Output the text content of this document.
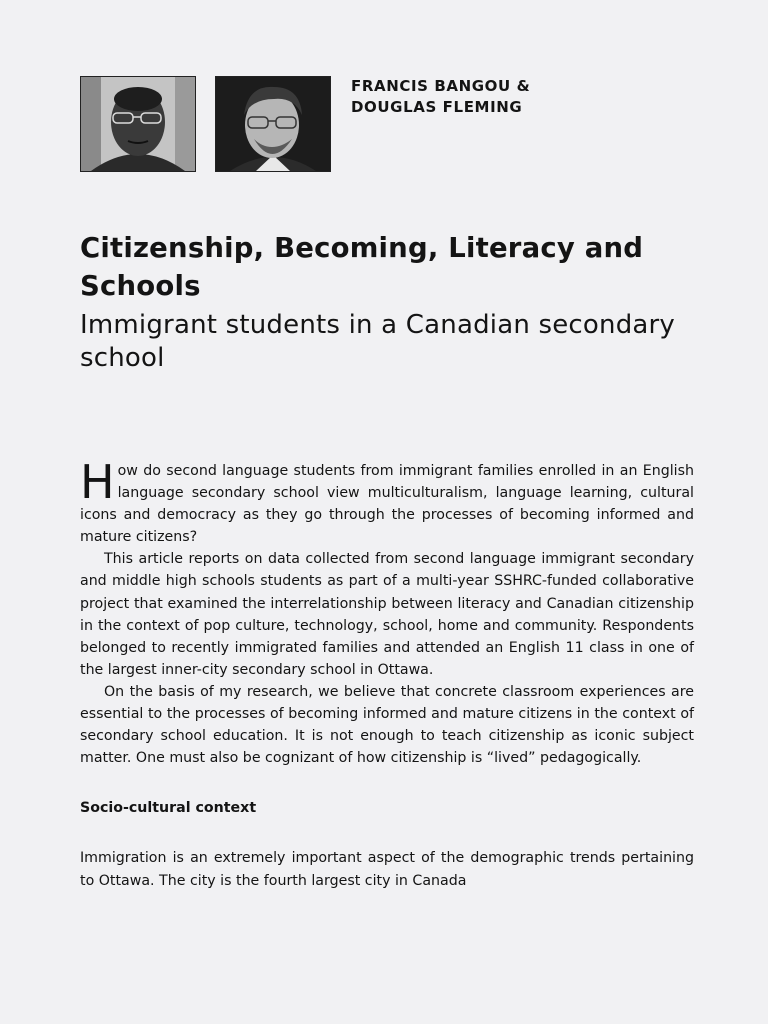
FRANCIS BANGOU &
DOUGLAS FLEMING
Citizenship, Becoming, Literacy and Schools
Immigrant students in a Canadian secondary school

How do second language students from immigrant families enrolled in an English language secondary school view multiculturalism, language learning, cultural icons and democracy as they go through the processes of becoming informed and mature citizens?

This article reports on data collected from second language immigrant secondary and middle high schools students as part of a multi-year SSHRC-funded collaborative project that examined the interrelationship between literacy and Canadian citizenship in the context of pop culture, technology, school, home and community. Respondents belonged to recently immigrated families and attended an English 11 class in one of the largest inner-city secondary school in Ottawa.

On the basis of my research, we believe that concrete classroom experiences are essential to the processes of becoming informed and mature citizens in the context of secondary school education. It is not enough to teach citizenship as iconic subject matter. One must also be cognizant of how citizenship is “lived” pedagogically.

Socio-cultural context

Immigration is an extremely important aspect of the demographic trends pertaining to Ottawa. The city is the fourth largest city in Canada
